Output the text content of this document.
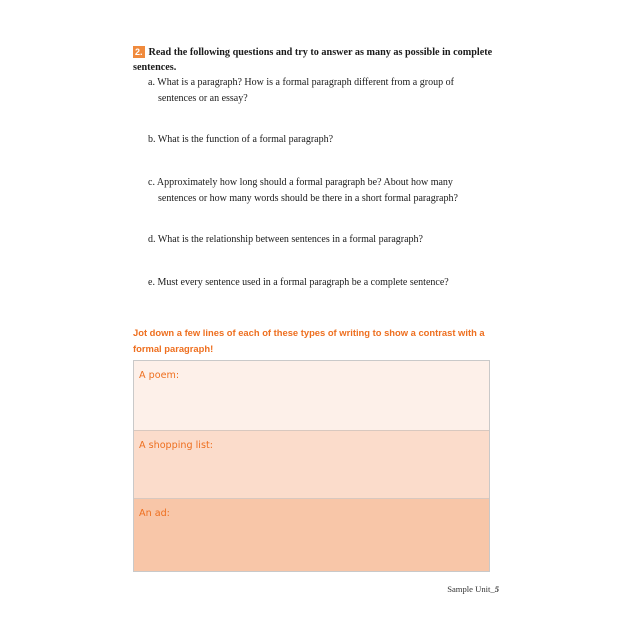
2. Read the following questions and try to answer as many as possible in complete sentences.
a. What is a paragraph? How is a formal paragraph different from a group of
sentences or an essay?
b. What is the function of a formal paragraph?
c. Approximately how long should a formal paragraph be? About how many
sentences or how many words should be there in a short formal paragraph?
d. What is the relationship between sentences in a formal paragraph?
e. Must every sentence used in a formal paragraph be a complete sentence?
Jot down a few lines of each of these types of writing to show a contrast with a formal paragraph!
A poem:
A shopping list:
An ad:
Sample Unit_5
